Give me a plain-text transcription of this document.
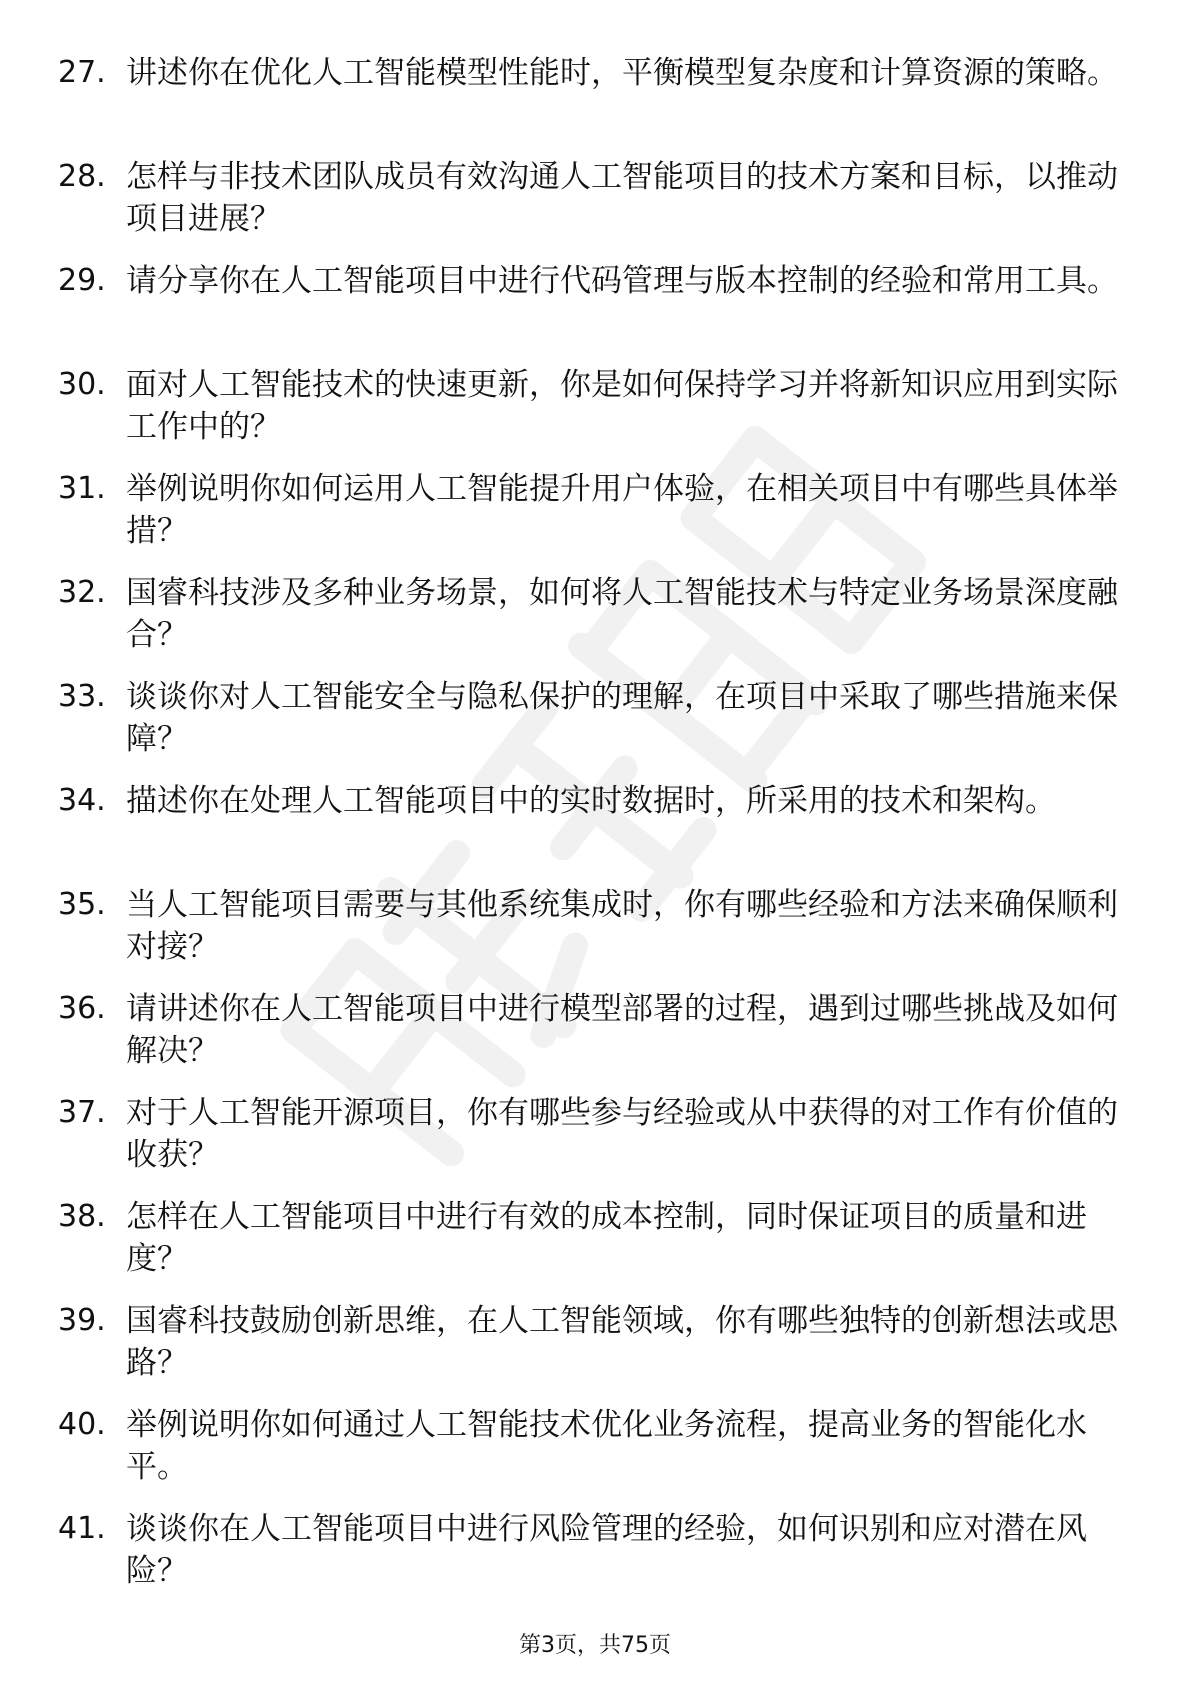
27. 讲述你在优化人工智能模型性能时，平衡模型复杂度和计算资源的策略。
28. 怎样与非技术团队成员有效沟通人工智能项目的技术方案和目标，以推动项目进展？
29. 请分享你在人工智能项目中进行代码管理与版本控制的经验和常用工具。
30. 面对人工智能技术的快速更新，你是如何保持学习并将新知识应用到实际工作中的？
31. 举例说明你如何运用人工智能提升用户体验，在相关项目中有哪些具体举措？
32. 国睿科技涉及多种业务场景，如何将人工智能技术与特定业务场景深度融合？
33. 谈谈你对人工智能安全与隐私保护的理解，在项目中采取了哪些措施来保障？
34. 描述你在处理人工智能项目中的实时数据时，所采用的技术和架构。
35. 当人工智能项目需要与其他系统集成时，你有哪些经验和方法来确保顺利对接？
36. 请讲述你在人工智能项目中进行模型部署的过程，遇到过哪些挑战及如何解决？
37. 对于人工智能开源项目，你有哪些参与经验或从中获得的对工作有价值的收获？
38. 怎样在人工智能项目中进行有效的成本控制，同时保证项目的质量和进度？
39. 国睿科技鼓励创新思维，在人工智能领域，你有哪些独特的创新想法或思路？
40. 举例说明你如何通过人工智能技术优化业务流程，提高业务的智能化水平。
41. 谈谈你在人工智能项目中进行风险管理的经验，如何识别和应对潜在风险？
第3页，共75页
